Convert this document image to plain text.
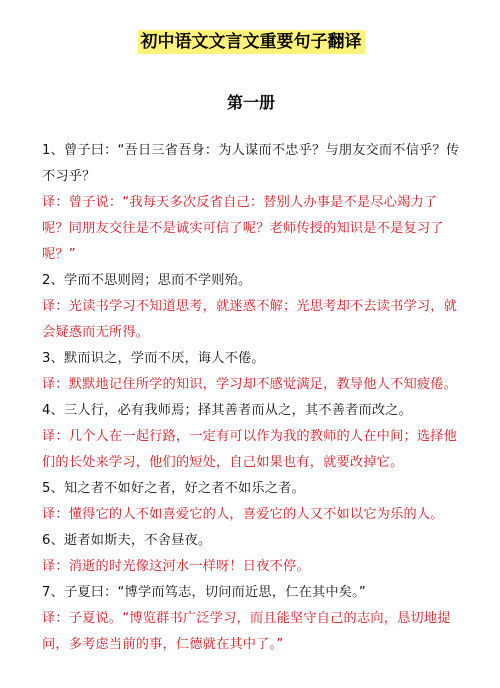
初中语文文言文重要句子翻译
第一册
1、曾子曰：“吾日三省吾身：为人谋而不忠乎？与朋友交而不信乎？传不习乎？
译：曾子说：“我每天多次反省自己：替别人办事是不是尽心竭力了呢？同朋友交往是不是诚实可信了呢？老师传授的知识是不是复习了呢？”
2、学而不思则罔；思而不学则殆。
译：光读书学习不知道思考，就迷惑不解；光思考却不去读书学习，就会疑惑而无所得。
3、默而识之，学而不厌，诲人不倦。
译：默默地记住所学的知识，学习却不感觉满足，教导他人不知疲倦。
4、三人行，必有我师焉；择其善者而从之，其不善者而改之。
译：几个人在一起行路，一定有可以作为我的教师的人在中间；选择他们的长处来学习，他们的短处，自己如果也有，就要改掉它。
5、知之者不如好之者，好之者不如乐之者。
译：懂得它的人不如喜爱它的人，喜爱它的人又不如以它为乐的人。
6、逝者如斯夫，不舍昼夜。
译：消逝的时光像这河水一样呀！日夜不停。
7、子夏曰：“博学而笃志，切问而近思，仁在其中矣。”
译：子夏说。“博览群书广泛学习，而且能坚守自己的志向，恳切地提问，多考虑当前的事，仁德就在其中了。”
